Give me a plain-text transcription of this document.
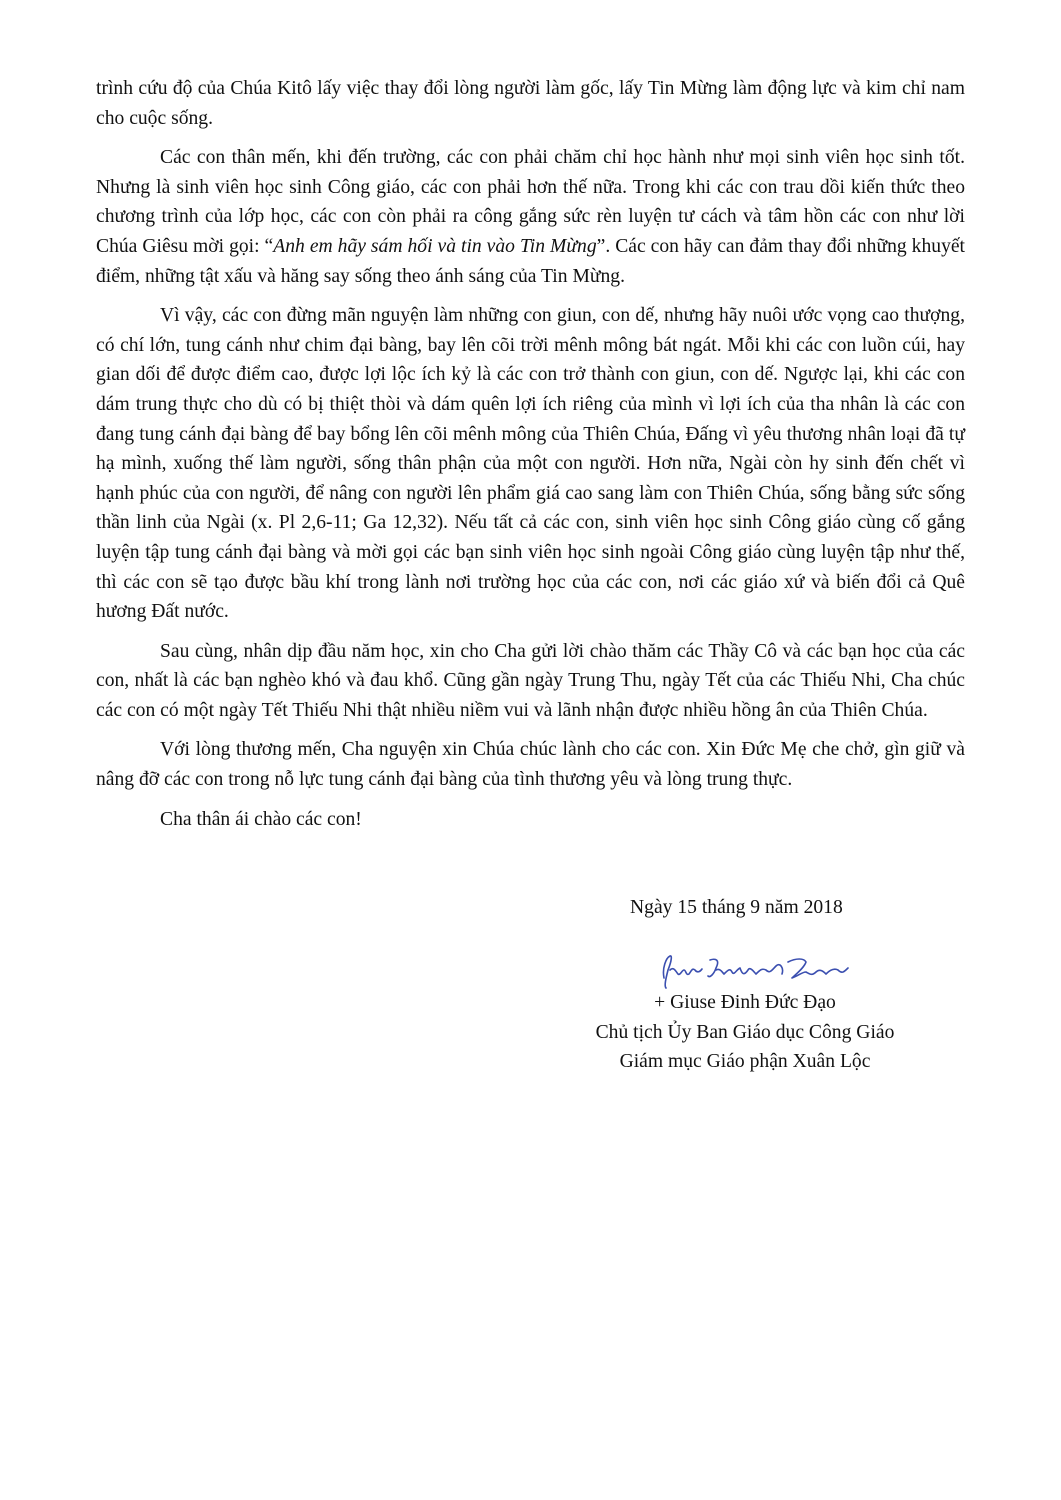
trình cứu độ của Chúa Kitô lấy việc thay đổi lòng người làm gốc, lấy Tin Mừng làm động lực và kim chỉ nam cho cuộc sống.

Các con thân mến, khi đến trường, các con phải chăm chỉ học hành như mọi sinh viên học sinh tốt. Nhưng là sinh viên học sinh Công giáo, các con phải hơn thế nữa. Trong khi các con trau dồi kiến thức theo chương trình của lớp học, các con còn phải ra công gắng sức rèn luyện tư cách và tâm hồn các con như lời Chúa Giêsu mời gọi: “Anh em hãy sám hối và tin vào Tin Mừng”. Các con hãy can đảm thay đổi những khuyết điểm, những tật xấu và hăng say sống theo ánh sáng của Tin Mừng.

Vì vậy, các con đừng mãn nguyện làm những con giun, con dế, nhưng hãy nuôi ước vọng cao thượng, có chí lớn, tung cánh như chim đại bàng, bay lên cõi trời mênh mông bát ngát. Mỗi khi các con luồn cúi, hay gian dối để được điểm cao, được lợi lộc ích kỷ là các con trở thành con giun, con dế. Ngược lại, khi các con dám trung thực cho dù có bị thiệt thòi và dám quên lợi ích riêng của mình vì lợi ích của tha nhân là các con đang tung cánh đại bàng để bay bổng lên cõi mênh mông của Thiên Chúa, Đấng vì yêu thương nhân loại đã tự hạ mình, xuống thế làm người, sống thân phận của một con người. Hơn nữa, Ngài còn hy sinh đến chết vì hạnh phúc của con người, để nâng con người lên phẩm giá cao sang làm con Thiên Chúa, sống bằng sức sống thần linh của Ngài (x. Pl 2,6-11; Ga 12,32). Nếu tất cả các con, sinh viên học sinh Công giáo cùng cố gắng luyện tập tung cánh đại bàng và mời gọi các bạn sinh viên học sinh ngoài Công giáo cùng luyện tập như thế, thì các con sẽ tạo được bầu khí trong lành nơi trường học của các con, nơi các giáo xứ và biến đổi cả Quê hương Đất nước.

Sau cùng, nhân dịp đầu năm học, xin cho Cha gửi lời chào thăm các Thầy Cô và các bạn học của các con, nhất là các bạn nghèo khó và đau khổ. Cũng gần ngày Trung Thu, ngày Tết của các Thiếu Nhi, Cha chúc các con có một ngày Tết Thiếu Nhi thật nhiều niềm vui và lãnh nhận được nhiều hồng ân của Thiên Chúa.

Với lòng thương mến, Cha nguyện xin Chúa chúc lành cho các con. Xin Đức Mẹ che chở, gìn giữ và nâng đỡ các con trong nỗ lực tung cánh đại bàng của tình thương yêu và lòng trung thực.

Cha thân ái chào các con!

Ngày 15 tháng 9 năm 2018
+ Giuse Đinh Đức Đạo
Chủ tịch Ủy Ban Giáo dục Công Giáo
Giám mục Giáo phận Xuân Lộc
